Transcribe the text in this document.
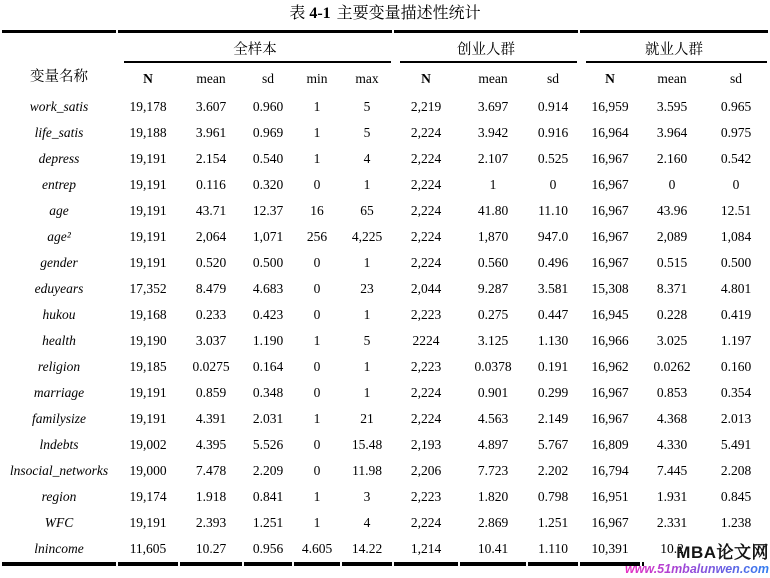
表 4-1 主要变量描述性统计
变量名称	全样本					创业人群			就业人群		
	N	mean	sd	min	max	N	mean	sd	N	mean	sd
work_satis	19,178	3.607	0.960	1	5	2,219	3.697	0.914	16,959	3.595	0.965
life_satis	19,188	3.961	0.969	1	5	2,224	3.942	0.916	16,964	3.964	0.975
depress	19,191	2.154	0.540	1	4	2,224	2.107	0.525	16,967	2.160	0.542
entrep	19,191	0.116	0.320	0	1	2,224	1	0	16,967	0	0
age	19,191	43.71	12.37	16	65	2,224	41.80	11.10	16,967	43.96	12.51
age²	19,191	2,064	1,071	256	4,225	2,224	1,870	947.0	16,967	2,089	1,084
gender	19,191	0.520	0.500	0	1	2,224	0.560	0.496	16,967	0.515	0.500
eduyears	17,352	8.479	4.683	0	23	2,044	9.287	3.581	15,308	8.371	4.801
hukou	19,168	0.233	0.423	0	1	2,223	0.275	0.447	16,945	0.228	0.419
health	19,190	3.037	1.190	1	5	2224	3.125	1.130	16,966	3.025	1.197
religion	19,185	0.0275	0.164	0	1	2,223	0.0378	0.191	16,962	0.0262	0.160
marriage	19,191	0.859	0.348	0	1	2,224	0.901	0.299	16,967	0.853	0.354
familysize	19,191	4.391	2.031	1	21	2,224	4.563	2.149	16,967	4.368	2.013
lndebts	19,002	4.395	5.526	0	15.48	2,193	4.897	5.767	16,809	4.330	5.491
lnsocial_networks	19,000	7.478	2.209	0	11.98	2,206	7.723	2.202	16,794	7.445	2.208
region	19,174	1.918	0.841	1	3	2,223	1.820	0.798	16,951	1.931	0.845
WFC	19,191	2.393	1.251	1	4	2,224	2.869	1.251	16,967	2.331	1.238
lnincome	11,605	10.27	0.956	4.605	14.22	1,214	10.41	1.110	10,391	10.2	
MBA论文网
www.51mbalunwen.com
